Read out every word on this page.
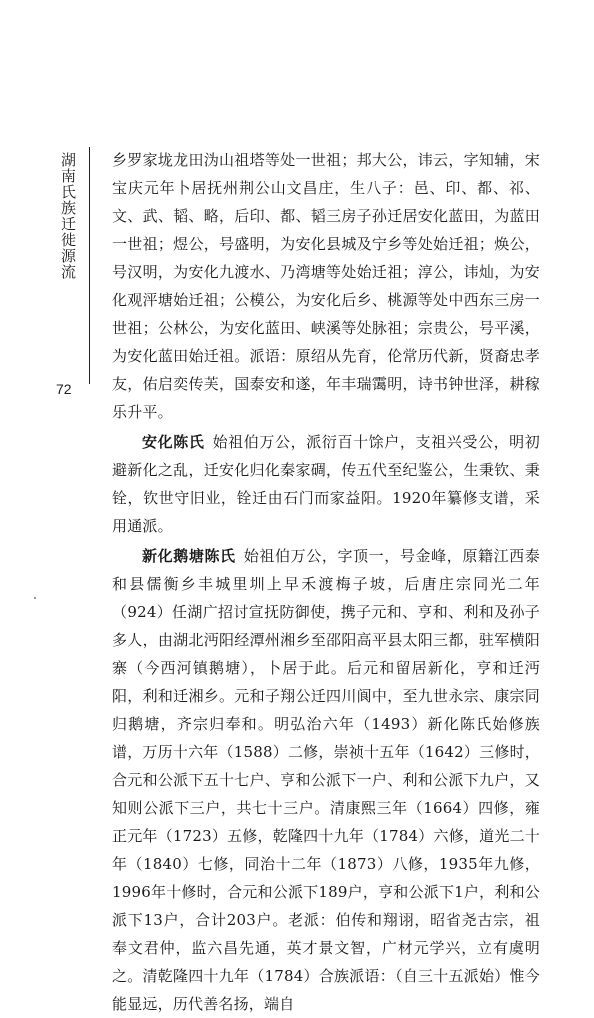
湖南氏族迁徙源流
72

乡罗家垅龙田沩山祖塔等处一世祖；邦大公，讳云，字知辅，宋宝庆元年卜居抚州荆公山文昌庄，生八子：邑、印、都、祁、文、武、韬、略，后印、都、韬三房子孙迁居安化蓝田，为蓝田一世祖；煜公，号盛明，为安化县城及宁乡等处始迁祖；焕公，号汉明，为安化九渡水、乃湾塘等处始迁祖；淳公，讳灿，为安化观泙塘始迁祖；公模公，为安化后乡、桃源等处中西东三房一世祖；公林公，为安化蓝田、峡溪等处脉祖；宗贵公，号平溪，为安化蓝田始迁祖。派语：原绍从先育，伦常历代新，贤裔忠孝友，佑启奕传芙，国泰安和遂，年丰瑞霭明，诗书钟世泽，耕稼乐升平。

安化陈氏  始祖伯万公，派衍百十馀户，支祖兴受公，明初避新化之乱，迁安化归化秦家碉，传五代至纪鉴公，生秉钦、秉铨，钦世守旧业，铨迁由石门而家益阳。1920年纂修支谱，采用通派。

新化鹅塘陈氏  始祖伯万公，字顶一，号金峰，原籍江西泰和县儒衡乡丰城里圳上早禾渡梅子坡，后唐庄宗同光二年（924）任湖广招讨宣抚防御使，携子元和、亨和、利和及孙子多人，由湖北沔阳经潭州湘乡至邵阳高平县太阳三都，驻军横阳寨（今西河镇鹅塘），卜居于此。后元和留居新化，亨和迁沔阳，利和迁湘乡。元和子翔公迁四川阆中，至九世永宗、康宗同归鹅塘，齐宗归奉和。明弘治六年（1493）新化陈氏始修族谱，万历十六年（1588）二修，崇祯十五年（1642）三修时，合元和公派下五十七户、亨和公派下一户、利和公派下九户，又知则公派下三户，共七十三户。清康熙三年（1664）四修，雍正元年（1723）五修，乾隆四十九年（1784）六修，道光二十年（1840）七修，同治十二年（1873）八修，1935年九修，1996年十修时，合元和公派下189户，亨和公派下1户，利和公派下13户，合计203户。老派：伯传和翔诩，昭省尧古宗，祖奉文君仲，监六昌先通，英才景文智，广材元学兴，立有虞明之。清乾隆四十九年（1784）合族派语：（自三十五派始）惟今能显远，历代善名扬，端自
